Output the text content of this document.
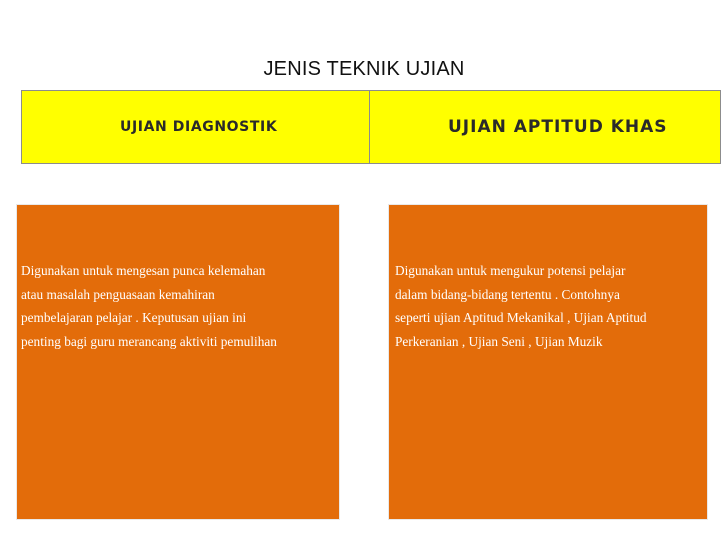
JENIS TEKNIK UJIAN
UJIAN DIAGNOSTIK	UJIAN APTITUD KHAS
Digunakan untuk mengesan punca kelemahan
atau masalah penguasaan kemahiran
pembelajaran pelajar . Keputusan ujian ini
penting bagi guru merancang aktiviti pemulihan
Digunakan untuk mengukur potensi pelajar
dalam bidang-bidang tertentu . Contohnya
seperti ujian Aptitud Mekanikal , Ujian Aptitud
Perkeranian , Ujian Seni , Ujian Muzik
